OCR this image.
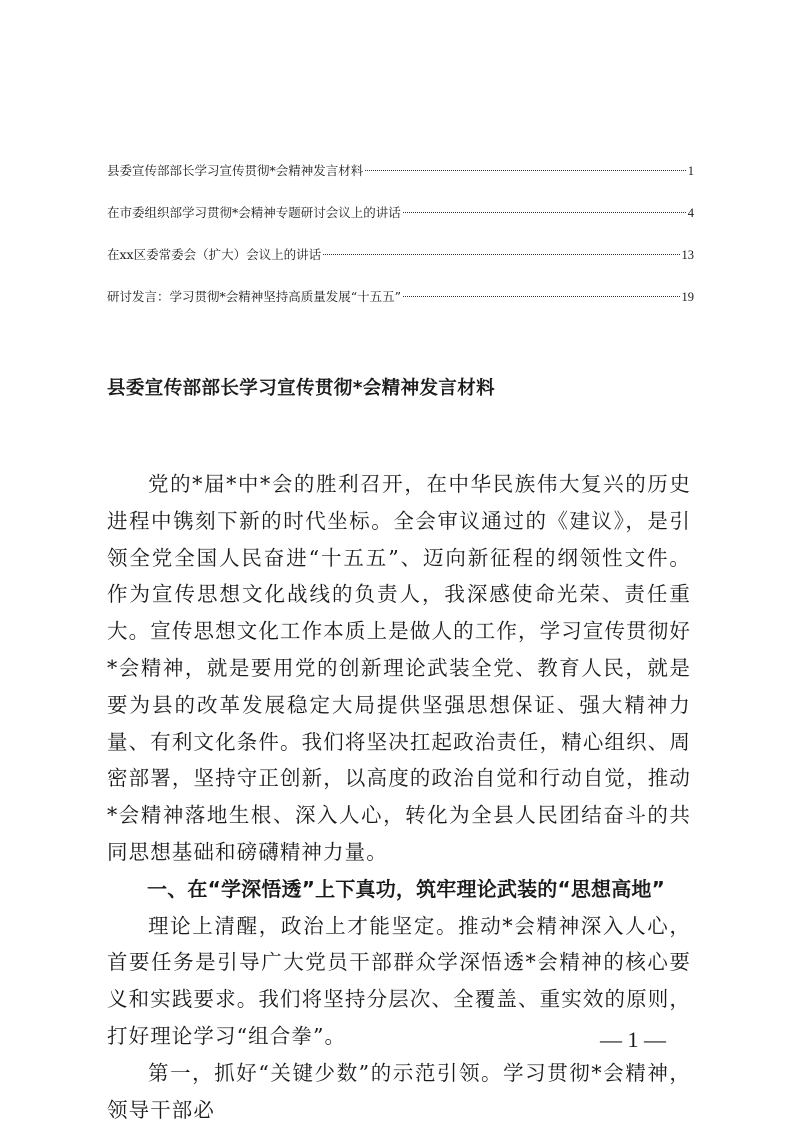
县委宣传部部长学习宣传贯彻*会精神发言材料	1
在市委组织部学习贯彻*会精神专题研讨会议上的讲话	4
在xx区委常委会（扩大）会议上的讲话	13
研讨发言：学习贯彻*会精神坚持高质量发展“十五五”	19
县委宣传部部长学习宣传贯彻*会精神发言材料

党的*届*中*会的胜利召开，在中华民族伟大复兴的历史进程中镌刻下新的时代坐标。全会审议通过的《建议》，是引领全党全国人民奋进“十五五”、迈向新征程的纲领性文件。作为宣传思想文化战线的负责人，我深感使命光荣、责任重大。宣传思想文化工作本质上是做人的工作，学习宣传贯彻好*会精神，就是要用党的创新理论武装全党、教育人民，就是要为县的改革发展稳定大局提供坚强思想保证、强大精神力量、有利文化条件。我们将坚决扛起政治责任，精心组织、周密部署，坚持守正创新，以高度的政治自觉和行动自觉，推动*会精神落地生根、深入人心，转化为全县人民团结奋斗的共同思想基础和磅礴精神力量。

一、在“学深悟透”上下真功，筑牢理论武装的“思想高地”

理论上清醒，政治上才能坚定。推动*会精神深入人心，首要任务是引导广大党员干部群众学深悟透*会精神的核心要义和实践要求。我们将坚持分层次、全覆盖、重实效的原则，打好理论学习“组合拳”。

第一，抓好“关键少数”的示范引领。学习贯彻*会精神，领导干部必

— 1 —
